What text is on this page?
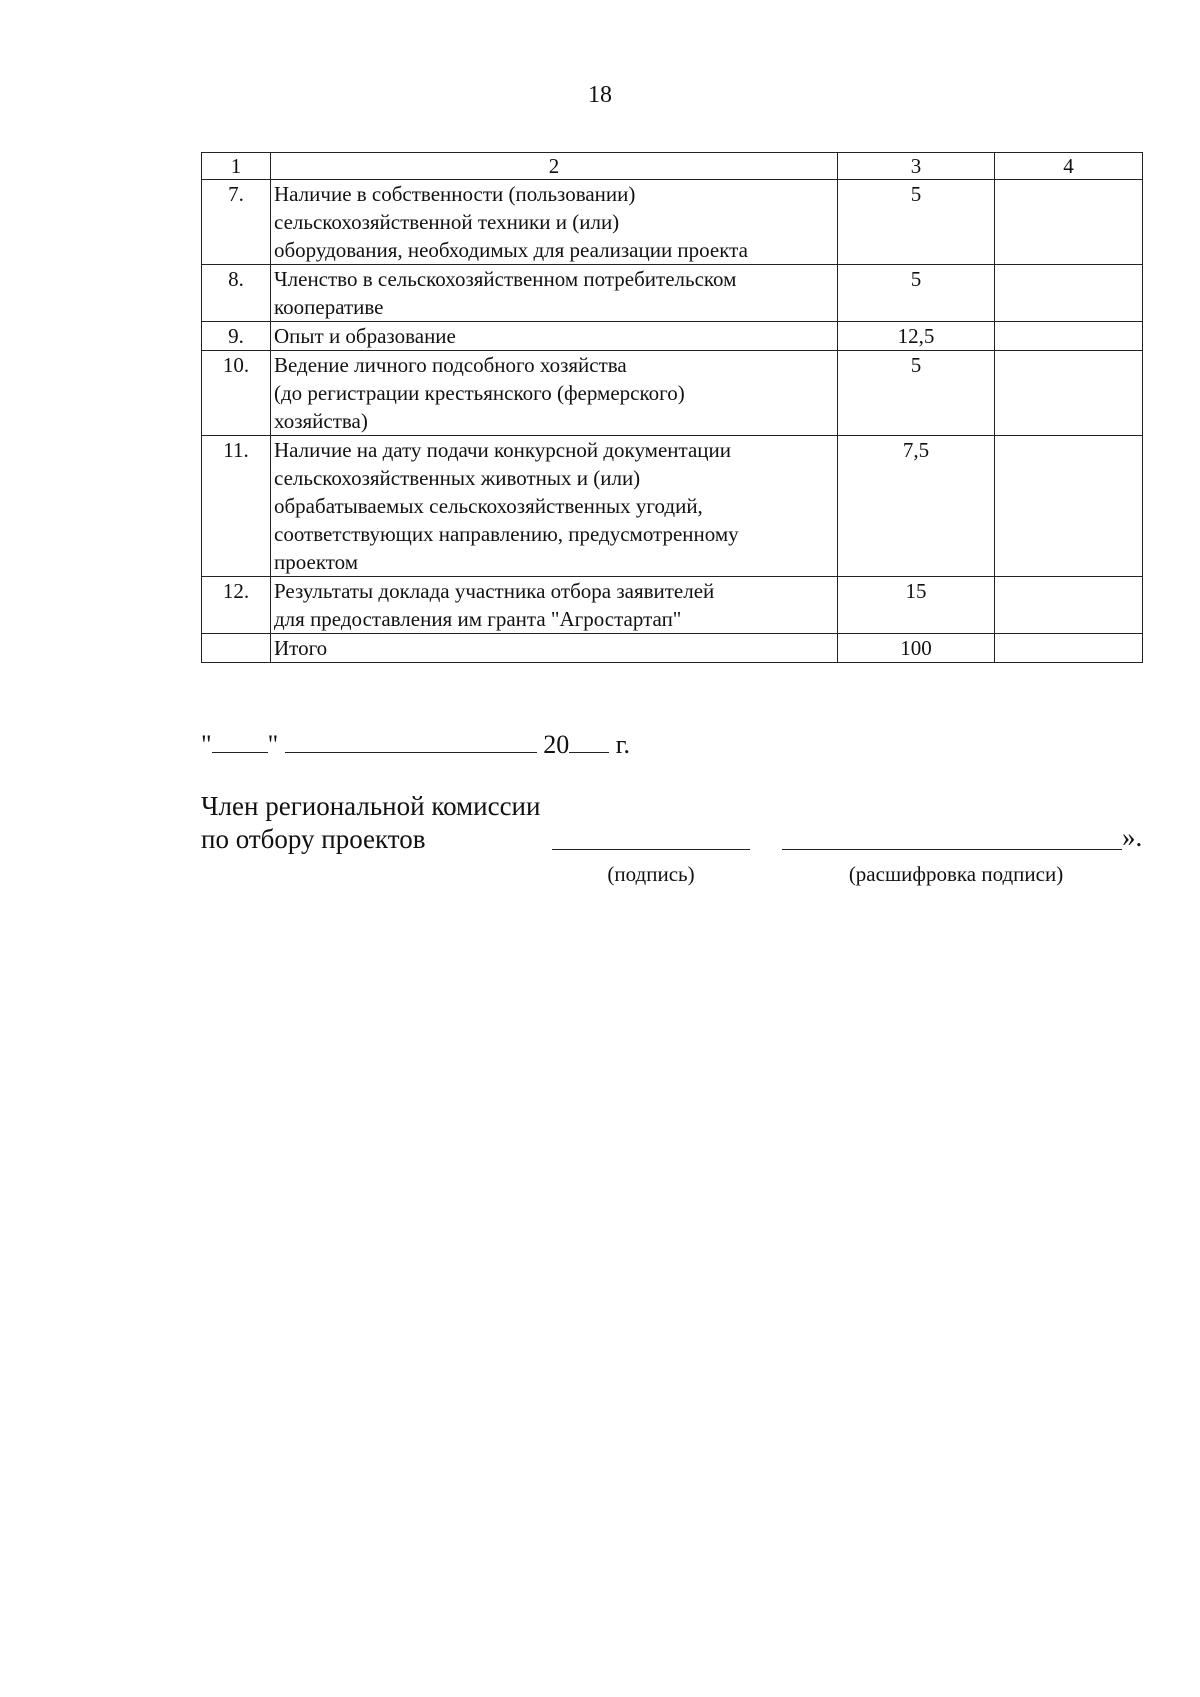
18
1	2	3	4
7.	Наличие в собственности (пользовании)
сельскохозяйственной техники и (или)
оборудования, необходимых для реализации проекта	5	
8.	Членство в сельскохозяйственном потребительском
кооперативе	5	
9.	Опыт и образование	12,5	
10.	Ведение личного подсобного хозяйства
(до регистрации крестьянского (фермерского)
хозяйства)	5	
11.	Наличие на дату подачи конкурсной документации
сельскохозяйственных животных и (или)
обрабатываемых сельскохозяйственных угодий,
соответствующих направлению, предусмотренному
проектом	7,5	
12.	Результаты доклада участника отбора заявителей
для предоставления им гранта "Агростартап"	15	

	Итого	100	
" "	20 г.
Член региональной комиссии
по отбору проектов	».
(подпись)	(расшифровка подписи)
